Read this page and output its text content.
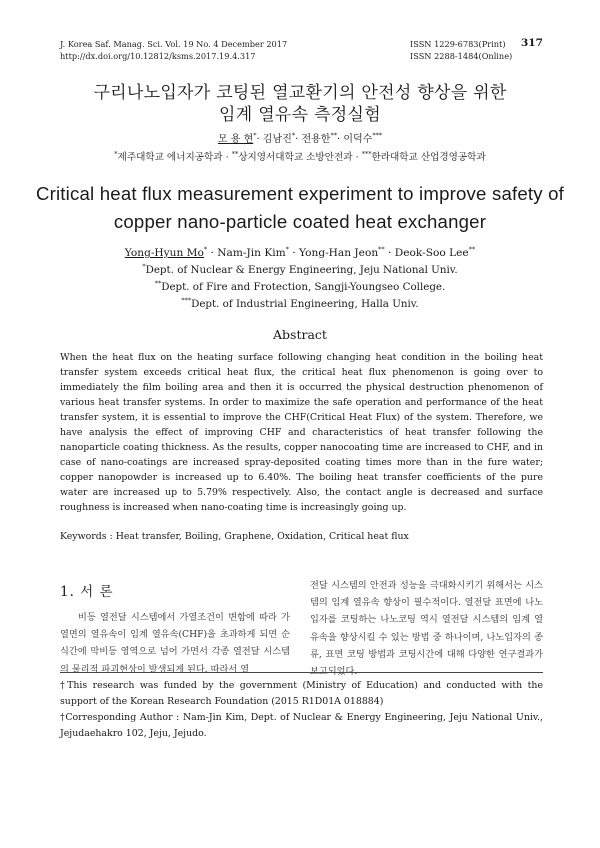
J. Korea Saf. Manag. Sci. Vol. 19 No. 4 December 2017
http://dx.doi.org/10.12812/ksms.2017.19.4.317
ISSN 1229-6783(Print)
ISSN 2288-1484(Online)
317
구리나노입자가 코팅된 열교환기의 안전성 향상을 위한
임계 열유속 측정실험
모 용 현*· 김남진*· 전용한**· 이덕수***
*제주대학교 에너지공학과 · **상지영서대학교 소방안전과 · ***한라대학교 산업경영공학과
Critical heat flux measurement experiment to improve safety of
copper nano-particle coated heat exchanger
Yong-Hyun Mo* · Nam-Jin Kim* · Yong-Han Jeon** · Deok-Soo Lee**
*Dept. of Nuclear & Energy Engineering, Jeju National Univ.
**Dept. of Fire and Frotection, Sangji-Youngseo College.
***Dept. of Industrial Engineering, Halla Univ.
Abstract

When the heat flux on the heating surface following changing heat condition in the boiling heat transfer system exceeds critical heat flux, the critical heat flux phenomenon is going over to immediately the film boiling area and then it is occurred the physical destruction phenomenon of various heat transfer systems. In order to maximize the safe operation and performance of the heat transfer system, it is essential to improve the CHF(Critical Heat Flux) of the system. Therefore, we have analysis the effect of improving CHF and characteristics of heat transfer following the nanoparticle coating thickness. As the results, copper nanocoating time are increased to CHF, and in case of nano-coatings are increased spray-deposited coating times more than in the fure water; copper nanopowder is increased up to 6.40%. The boiling heat transfer coefficients of the pure water are increased up to 5.79% respectively. Also, the contact angle is decreased and surface roughness is increased when nano-coating time is increasingly going up.

Keywords : Heat transfer, Boiling, Graphene, Oxidation, Critical heat flux
1. 서 론

비등 열전달 시스템에서 가열조건이 변함에 따라 가열면의 열유속이 임계 열유속(CHF)을 초과하게 되면 순식간에 막비등 영역으로 넘어 가면서 각종 열전달 시스템의 물리적 파괴현상이 발생되게 된다. 따라서 열

전달 시스템의 안전과 성능을 극대화시키기 위해서는 시스템의 임계 열유속 향상이 필수적이다. 열전달 표면에 나노입자를 코팅하는 나노코팅 역시 열전달 시스템의 임계 열유속을 향상시킬 수 있는 방법 중 하나이며, 나노입자의 종류, 표면 코팅 방법과 코팅시간에 대해 다양한 연구결과가 보고되었다.

†This research was funded by the government (Ministry of Education) and conducted with the support of the Korean Research Foundation (2015 R1D01A 018884)

†Corresponding Author : Nam-Jin Kim, Dept. of Nuclear & Energy Engineering, Jeju National Univ., Jejudaehakro 102, Jeju, Jejudo.
